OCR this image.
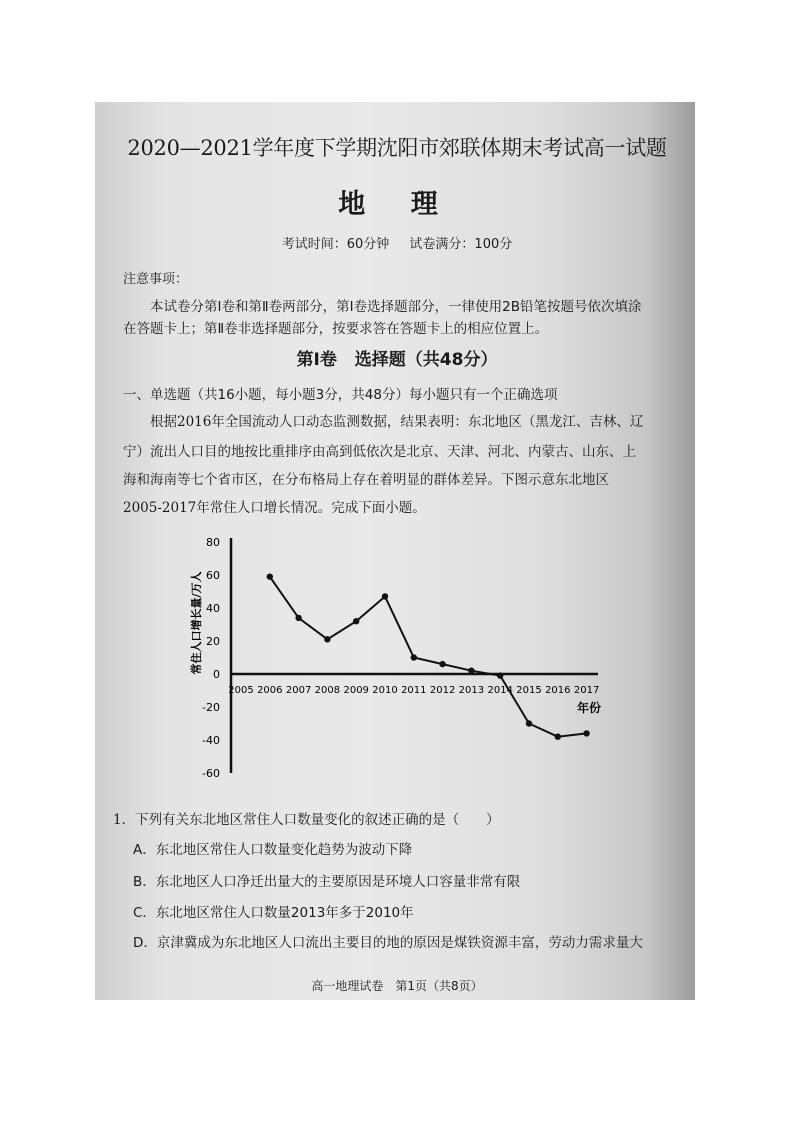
2020—2021学年度下学期沈阳市郊联体期末考试高一试题
地 理
考试时间：60分钟 试卷满分：100分
注意事项：
本试卷分第Ⅰ卷和第Ⅱ卷两部分，第Ⅰ卷选择题部分，一律使用2B铅笔按题号依次填涂
在答题卡上；第Ⅱ卷非选择题部分，按要求答在答题卡上的相应位置上。
第Ⅰ卷 选择题（共48分）
一、单选题（共16小题，每小题3分，共48分）每小题只有一个正确选项
根据2016年全国流动人口动态监测数据，结果表明：东北地区（黑龙江、吉林、辽
宁）流出人口目的地按比重排序由高到低依次是北京、天津、河北、内蒙古、山东、上
海和海南等七个省市区，在分布格局上存在着明显的群体差异。下图示意东北地区
2005-2017年常住人口增长情况。完成下面小题。
80
60
40
20
0
-20
-40
-60
2005 2006 2007 2008 2009 2010 2011 2012 2013 2014 2015 2016 2017
常住人口增长量/万人
年份
1．下列有关东北地区常住人口数量变化的叙述正确的是（　　）
A．东北地区常住人口数量变化趋势为波动下降
B．东北地区人口净迁出量大的主要原因是环境人口容量非常有限
C．东北地区常住人口数量2013年多于2010年
D．京津冀成为东北地区人口流出主要目的地的原因是煤铁资源丰富，劳动力需求量大
高一地理试卷　第1页（共8页）
